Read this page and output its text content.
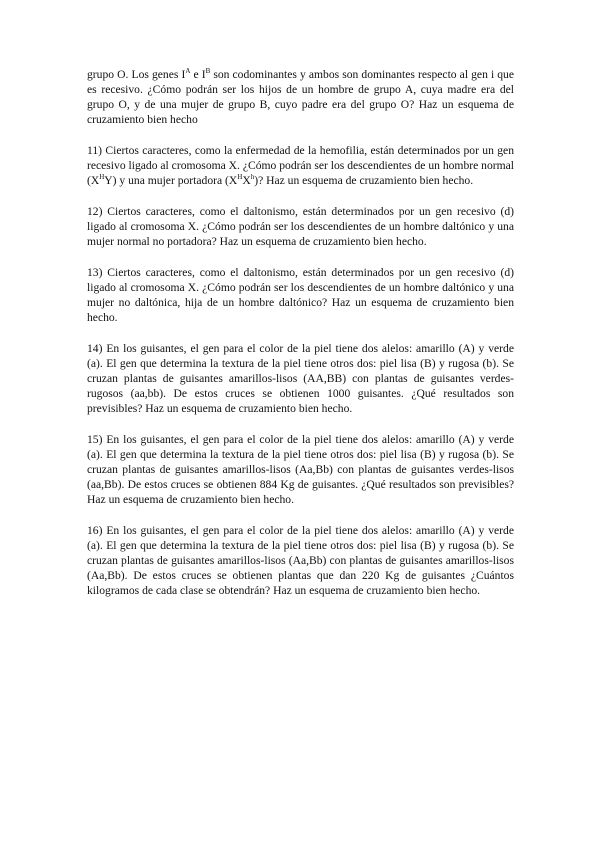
grupo O. Los genes $I^A$ e $I^B$ son codominantes y ambos son dominantes respecto al gen i que es recesivo. ¿Cómo podrán ser los hijos de un hombre de grupo A, cuya madre era del grupo O, y de una mujer de grupo B, cuyo padre era del grupo O? Haz un esquema de cruzamiento bien hecho

11) Ciertos caracteres, como la enfermedad de la hemofilia, están determinados por un gen recesivo ligado al cromosoma X. ¿Cómo podrán ser los descendientes de un hombre normal $(X^HY)$ y una mujer portadora $(X^HX^h)$? Haz un esquema de cruzamiento bien hecho.

12) Ciertos caracteres, como el daltonismo, están determinados por un gen recesivo (d) ligado al cromosoma X. ¿Cómo podrán ser los descendientes de un hombre daltónico y una mujer normal no portadora? Haz un esquema de cruzamiento bien hecho.

13) Ciertos caracteres, como el daltonismo, están determinados por un gen recesivo (d) ligado al cromosoma X. ¿Cómo podrán ser los descendientes de un hombre daltónico y una mujer no daltónica, hija de un hombre daltónico? Haz un esquema de cruzamiento bien hecho.

14) En los guisantes, el gen para el color de la piel tiene dos alelos: amarillo (A) y verde (a). El gen que determina la textura de la piel tiene otros dos: piel lisa (B) y rugosa (b). Se cruzan plantas de guisantes amarillos-lisos (AA,BB) con plantas de guisantes verdes-rugosos (aa,bb). De estos cruces se obtienen 1000 guisantes. ¿Qué resultados son previsibles? Haz un esquema de cruzamiento bien hecho.

15) En los guisantes, el gen para el color de la piel tiene dos alelos: amarillo (A) y verde (a). El gen que determina la textura de la piel tiene otros dos: piel lisa (B) y rugosa (b). Se cruzan plantas de guisantes amarillos-lisos (Aa,Bb) con plantas de guisantes verdes-lisos (aa,Bb). De estos cruces se obtienen 884 Kg de guisantes. ¿Qué resultados son previsibles? Haz un esquema de cruzamiento bien hecho.

16) En los guisantes, el gen para el color de la piel tiene dos alelos: amarillo (A) y verde (a). El gen que determina la textura de la piel tiene otros dos: piel lisa (B) y rugosa (b). Se cruzan plantas de guisantes amarillos-lisos (Aa,Bb) con plantas de guisantes amarillos-lisos (Aa,Bb). De estos cruces se obtienen plantas que dan 220 Kg de guisantes ¿Cuántos kilogramos de cada clase se obtendrán? Haz un esquema de cruzamiento bien hecho.
